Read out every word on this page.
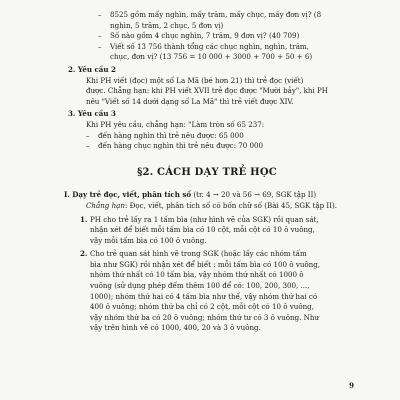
– 8525 gồm mấy nghìn, mấy trăm, mấy chục, mấy đơn vị? (8
nghìn, 5 trăm, 2 chục, 5 đơn vị)
– Số nào gồm 4 chục nghìn, 7 trăm, 9 đơn vị? (40 709)
– Viết số 13 756 thành tổng các chục nghìn, nghìn, trăm,
chục, đơn vị? (13 756 = 10 000 + 3000 + 700 + 50 + 6)
2. Yêu cầu 2
Khi PH viết (đọc) một số La Mã (bé hơn 21) thì trẻ đọc (viết)
được. Chẳng hạn: khi PH viết XVII trẻ đọc được "Mười bảy", khi PH
nêu "Viết số 14 dưới dạng số La Mã" thì trẻ viết được XIV.
3. Yêu cầu 3
Khi PH yêu cầu, chẳng hạn: "Làm tròn số 65 237:
– đến hàng nghìn thì trẻ nêu được: 65 000
– đến hàng chục nghìn thì trẻ nêu được: 70 000
§2. CÁCH DẠY TRẺ HỌC
I. Dạy trẻ đọc, viết, phân tích số (tr. 4 → 20 và 56 → 69, SGK tập II)
Chẳng hạn: Đọc, viết, phân tích số có bốn chữ số (Bài 45, SGK tập II).
1. PH cho trẻ lấy ra 1 tấm bìa (như hình vẽ của SGK) rồi quan sát,
nhận xét để biết mỗi tấm bìa có 10 cột, mỗi cột có 10 ô vuông,
vậy mỗi tấm bìa có 100 ô vuông.
2. Cho trẻ quan sát hình vẽ trong SGK (hoặc lấy các nhóm tấm
bìa như SGK) rồi nhận xét để biết : mỗi tấm bìa có 100 ô vuông,
nhóm thứ nhất có 10 tấm bìa, vậy nhóm thứ nhất có 1000 ô
vuông (sử dụng phép đếm thêm 100 để có: 100, 200, 300, ...,
1000); nhóm thứ hai có 4 tấm bìa như thế, vậy nhóm thứ hai có
400 ô vuông; nhóm thứ ba chỉ có 2 cột, mỗi cột có 10 ô vuông,
vậy nhóm thứ ba có 20 ô vuông; nhóm thứ tư có 3 ô vuông. Như
vậy trên hình vẽ có 1000, 400, 20 và 3 ô vuông.
9
